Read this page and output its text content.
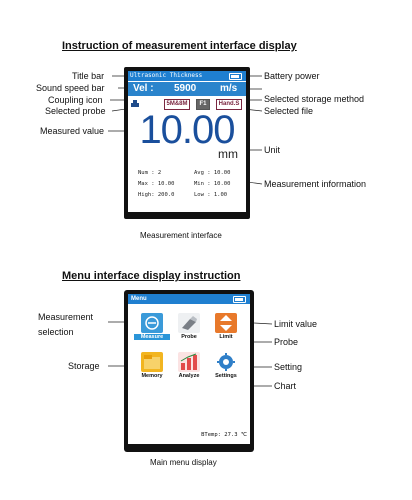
Instruction of measurement interface display
Title bar
Sound speed bar
Coupling icon
Selected probe
Measured value
Battery power
Selected storage method
Selected file
Unit
Measurement information
Ultrasonic Thickness
Vel : 5900 m/s
5M&8M	F1	Hand.S
10.00
mm
Num : 2	Avg : 10.00
Max : 10.00	Min : 10.00
High: 200.0	Low : 1.00
Measurement interface
Menu interface display instruction
Measurement selection
Storage
Limit value
Probe
Setting
Chart
Menu
Measure	Probe	Limit
Memory	Analyze	Settings
BTemp: 27.3 ℃
Main menu display
